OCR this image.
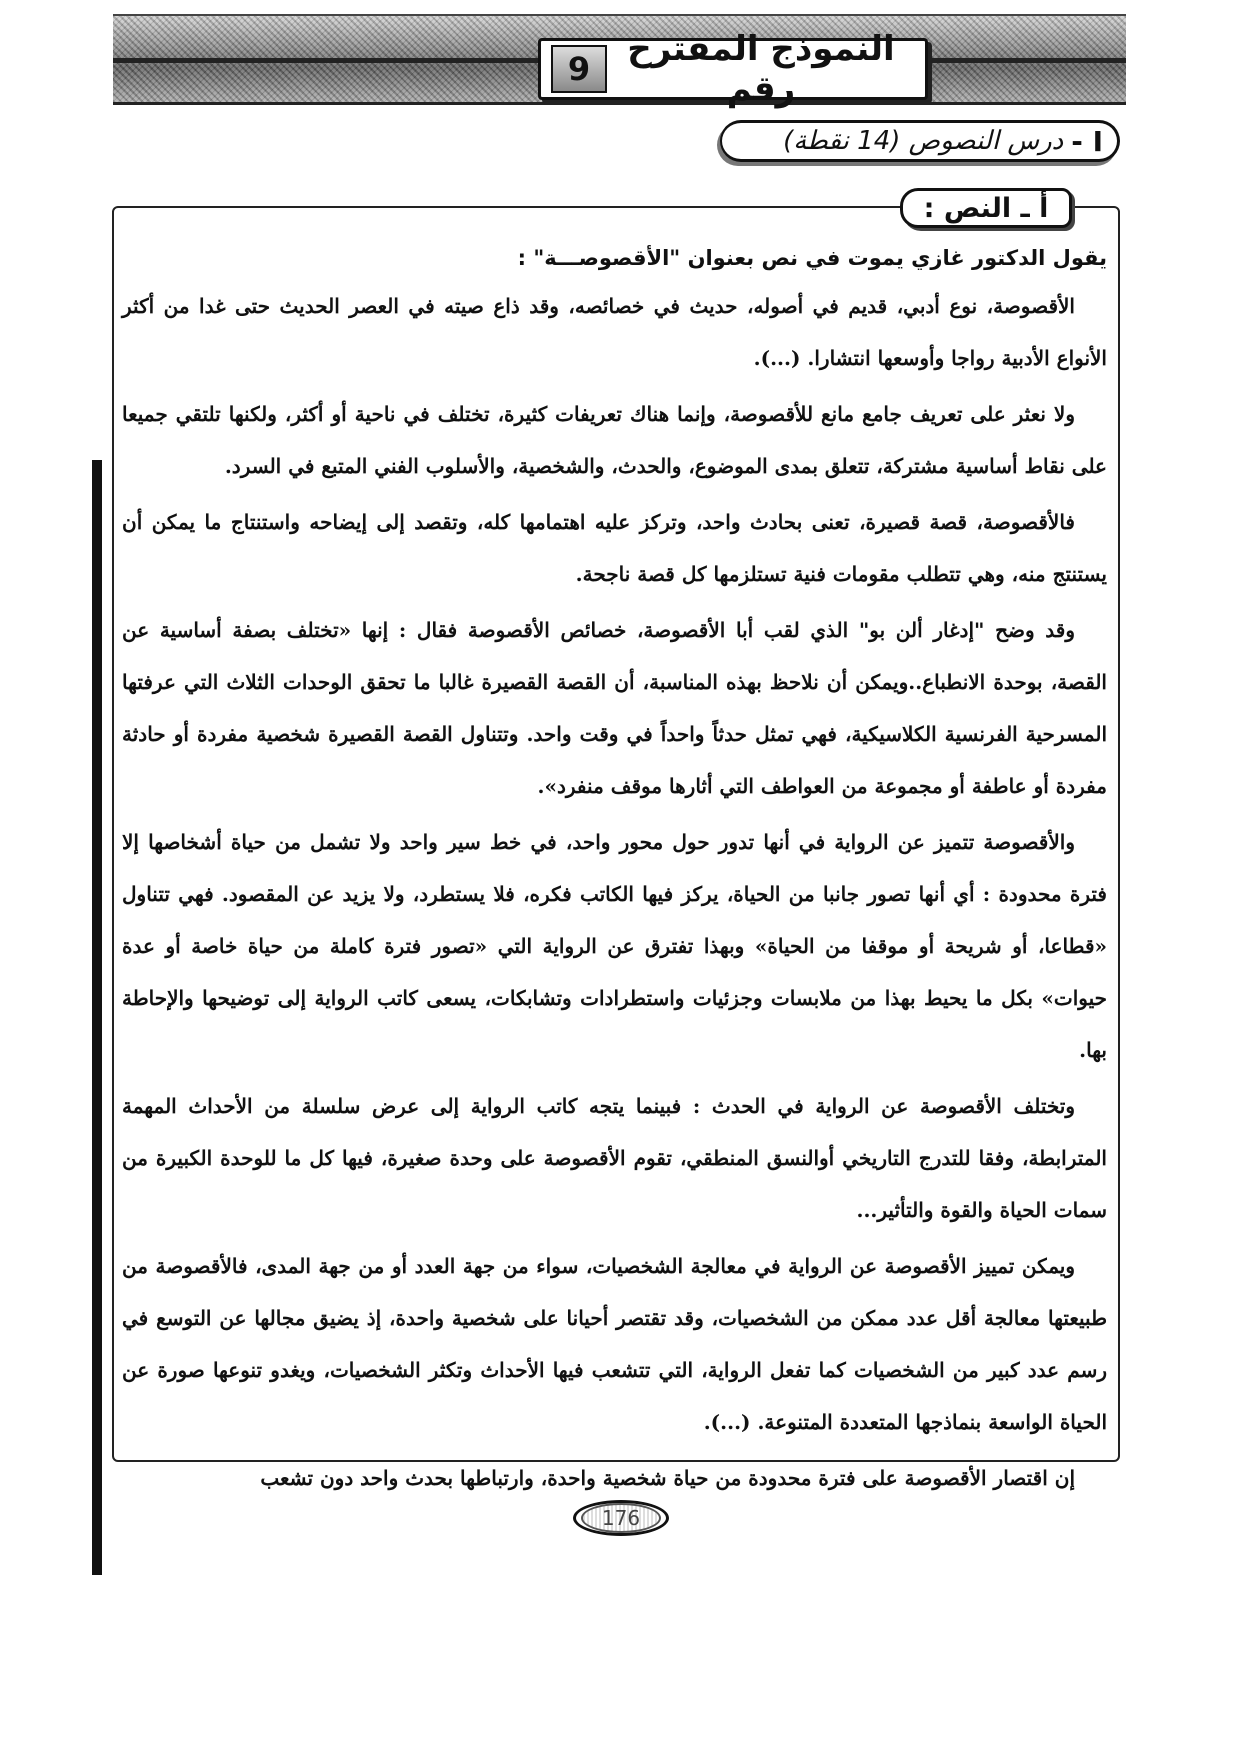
النموذج المقترح رقم
9
I -
درس النصوص (14 نقطة)
أ ـ النص :

يقول الدكتور غازي يموت في نص بعنوان "الأقصوصـــة" :

الأقصوصة، نوع أدبي، قديم في أصوله، حديث في خصائصه، وقد ذاع صيته في العصر الحديث حتى غدا من أكثر الأنواع الأدبية رواجا وأوسعها انتشارا. (...).

ولا نعثر على تعريف جامع مانع للأقصوصة، وإنما هناك تعريفات كثيرة، تختلف في ناحية أو أكثر، ولكنها تلتقي جميعا على نقاط أساسية مشتركة، تتعلق بمدى الموضوع، والحدث، والشخصية، والأسلوب الفني المتبع في السرد.

فالأقصوصة، قصة قصيرة، تعنى بحادث واحد، وتركز عليه اهتمامها كله، وتقصد إلى إيضاحه واستنتاج ما يمكن أن يستنتج منه، وهي تتطلب مقومات فنية تستلزمها كل قصة ناجحة.

وقد وضح "إدغار ألن بو" الذي لقب أبا الأقصوصة، خصائص الأقصوصة فقال : إنها «تختلف بصفة أساسية عن القصة، بوحدة الانطباع..ويمكن أن نلاحظ بهذه المناسبة، أن القصة القصيرة غالبا ما تحقق الوحدات الثلاث التي عرفتها المسرحية الفرنسية الكلاسيكية، فهي تمثل حدثاً واحداً في وقت واحد. وتتناول القصة القصيرة شخصية مفردة أو حادثة مفردة أو عاطفة أو مجموعة من العواطف التي أثارها موقف منفرد».

والأقصوصة تتميز عن الرواية في أنها تدور حول محور واحد، في خط سير واحد ولا تشمل من حياة أشخاصها إلا فترة محدودة : أي أنها تصور جانبا من الحياة، يركز فيها الكاتب فكره، فلا يستطرد، ولا يزيد عن المقصود. فهي تتناول «قطاعا، أو شريحة أو موقفا من الحياة» وبهذا تفترق عن الرواية التي «تصور فترة كاملة من حياة خاصة أو عدة حيوات» بكل ما يحيط بهذا من ملابسات وجزئيات واستطرادات وتشابكات، يسعى كاتب الرواية إلى توضيحها والإحاطة بها.

وتختلف الأقصوصة عن الرواية في الحدث : فبينما يتجه كاتب الرواية إلى عرض سلسلة من الأحداث المهمة المترابطة، وفقا للتدرج التاريخي أوالنسق المنطقي، تقوم الأقصوصة على وحدة صغيرة، فيها كل ما للوحدة الكبيرة من سمات الحياة والقوة والتأثير...

ويمكن تمييز الأقصوصة عن الرواية في معالجة الشخصيات، سواء من جهة العدد أو من جهة المدى، فالأقصوصة من طبيعتها معالجة أقل عدد ممكن من الشخصيات، وقد تقتصر أحيانا على شخصية واحدة، إذ يضيق مجالها عن التوسع في رسم عدد كبير من الشخصيات كما تفعل الرواية، التي تتشعب فيها الأحداث وتكثر الشخصيات، ويغدو تنوعها صورة عن الحياة الواسعة بنماذجها المتعددة المتنوعة. (...).

إن اقتصار الأقصوصة على فترة محدودة من حياة شخصية واحدة، وارتباطها بحدث واحد دون تشعب

176
